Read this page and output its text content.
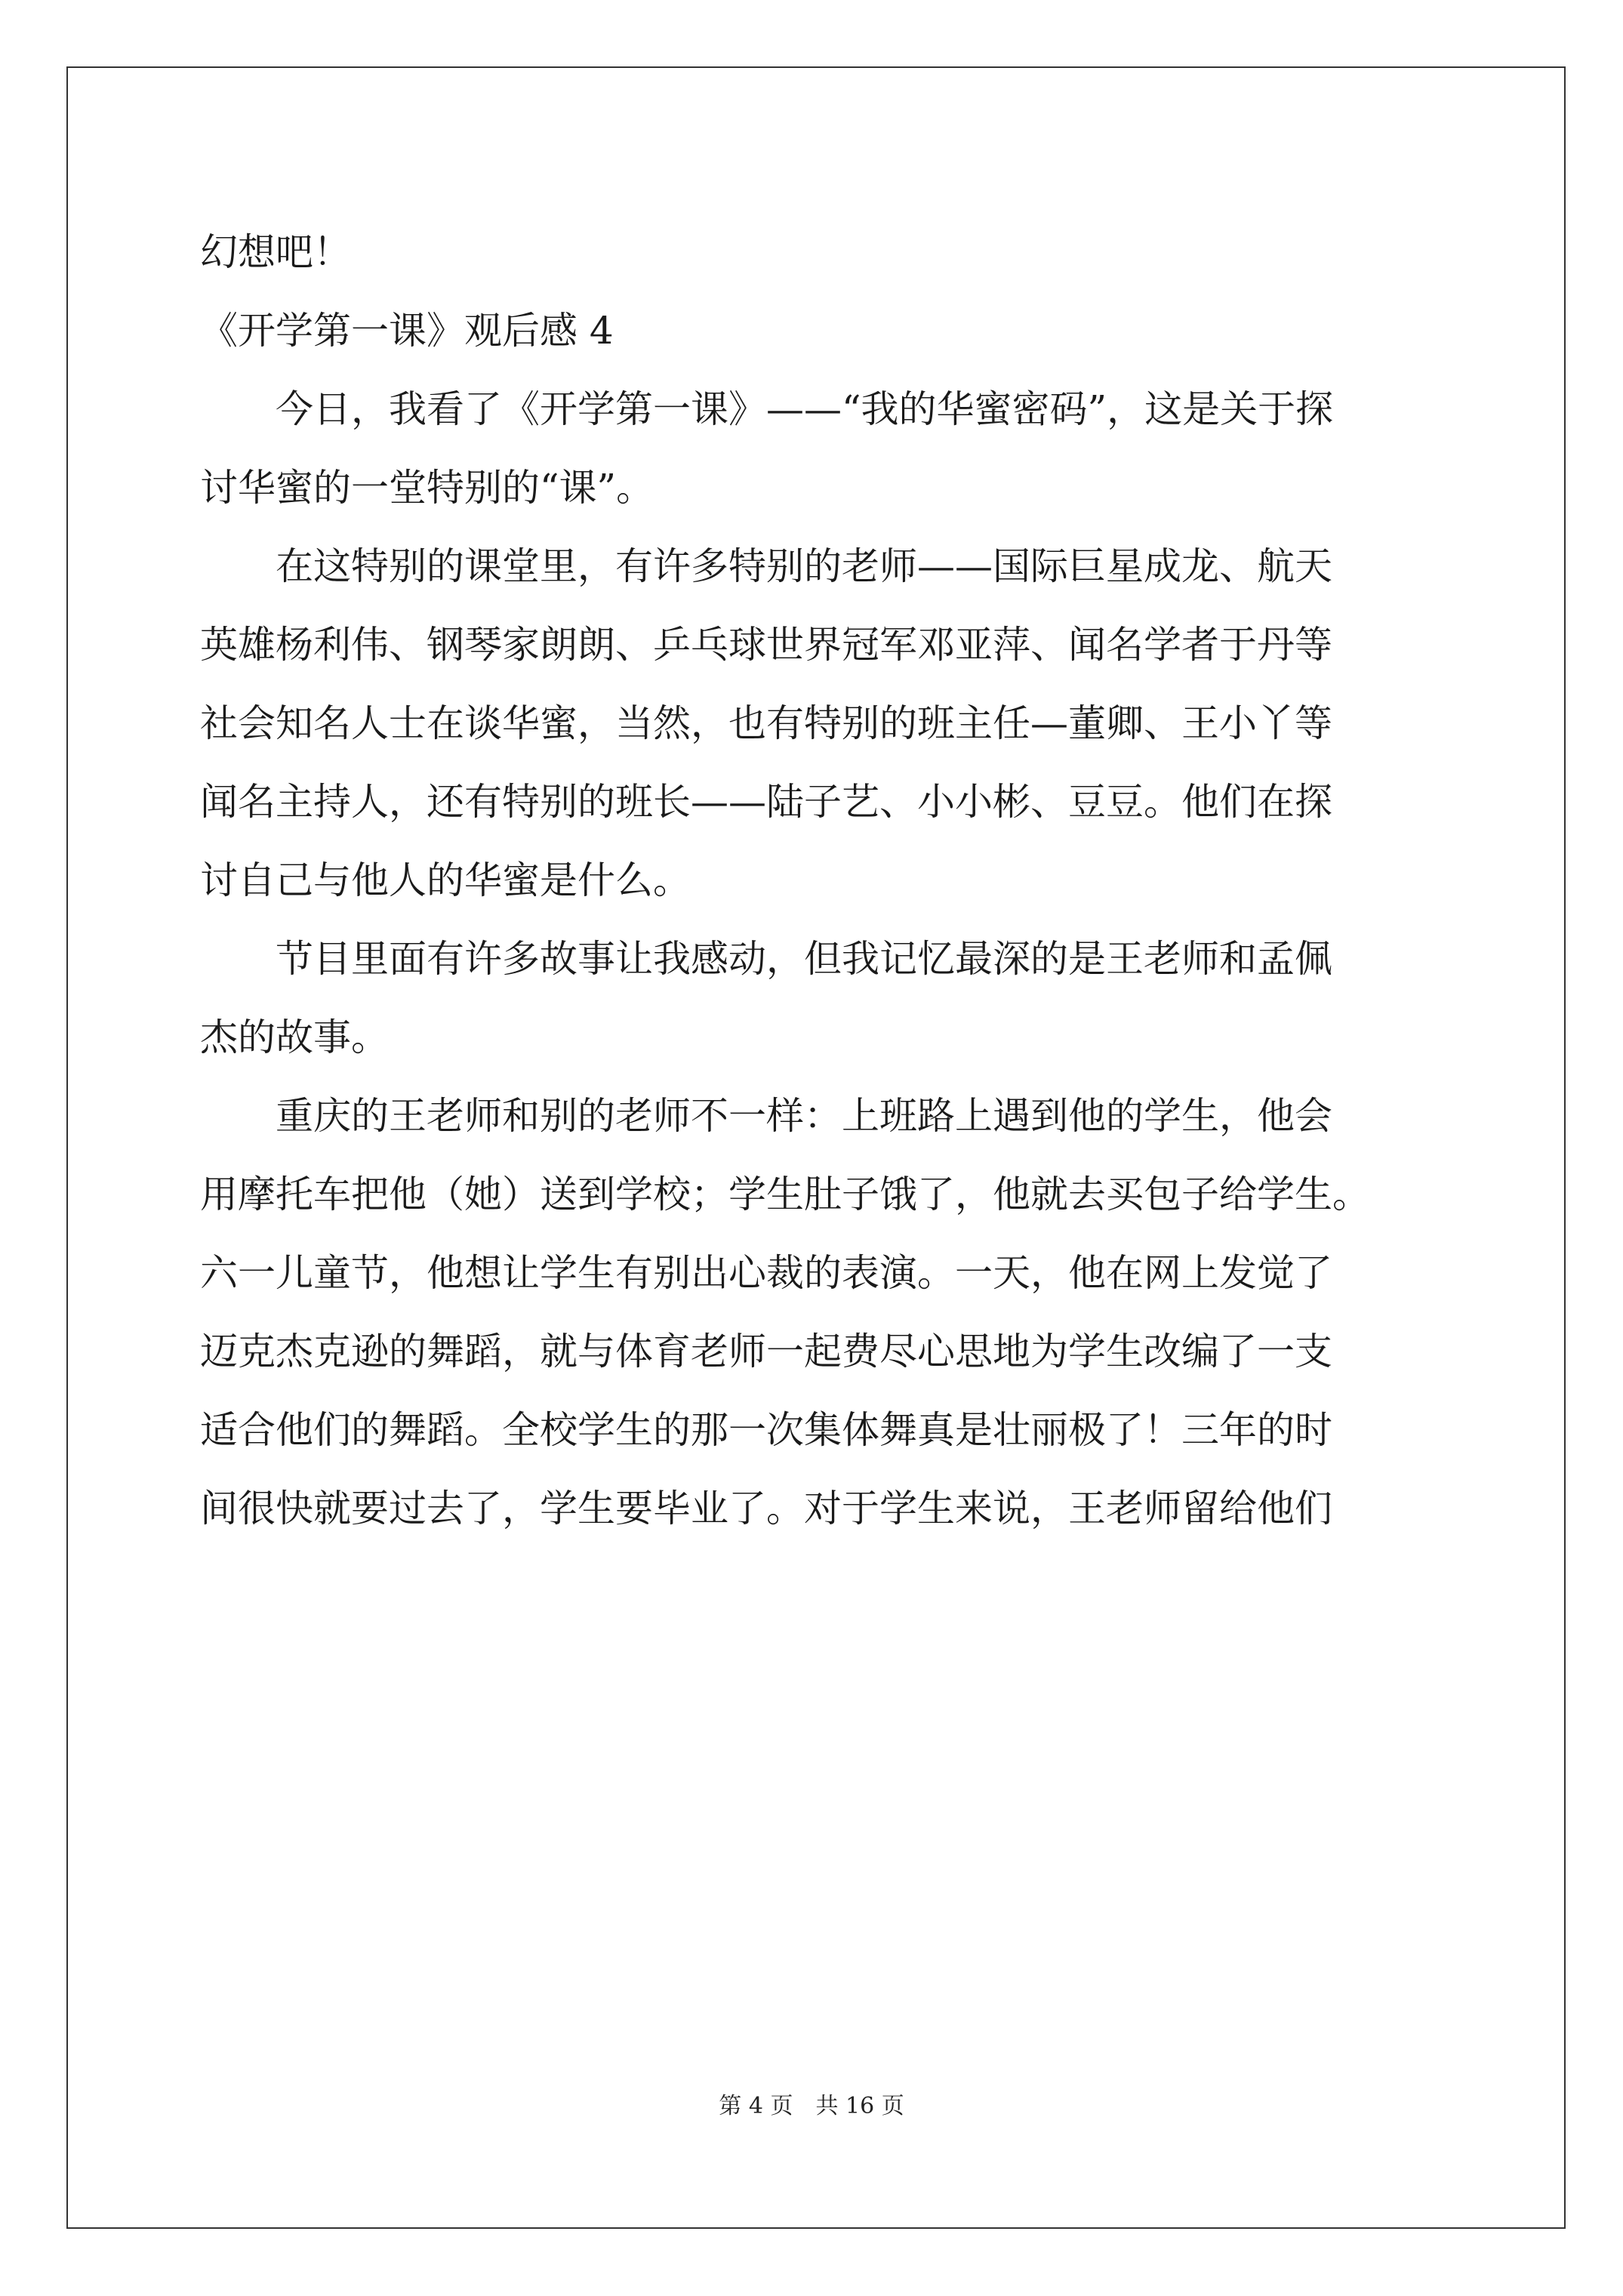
幻想吧！
《开学第一课》观后感 4
　　今日，我看了《开学第一课》——“我的华蜜密码”，这是关于探
讨华蜜的一堂特别的“课”。
　　在这特别的课堂里，有许多特别的老师——国际巨星成龙、航天
英雄杨利伟、钢琴家朗朗、乒乓球世界冠军邓亚萍、闻名学者于丹等
社会知名人士在谈华蜜，当然，也有特别的班主任—董卿、王小丫等
闻名主持人，还有特别的班长——陆子艺、小小彬、豆豆。他们在探
讨自己与他人的华蜜是什么。
　　节目里面有许多故事让我感动，但我记忆最深的是王老师和孟佩
杰的故事。
　　重庆的王老师和别的老师不一样：上班路上遇到他的学生，他会
用摩托车把他（她）送到学校；学生肚子饿了，他就去买包子给学生。
六一儿童节，他想让学生有别出心裁的表演。一天，他在网上发觉了
迈克杰克逊的舞蹈，就与体育老师一起费尽心思地为学生改编了一支
适合他们的舞蹈。全校学生的那一次集体舞真是壮丽极了！三年的时
间很快就要过去了，学生要毕业了。对于学生来说，王老师留给他们
第 4 页　共 16 页
